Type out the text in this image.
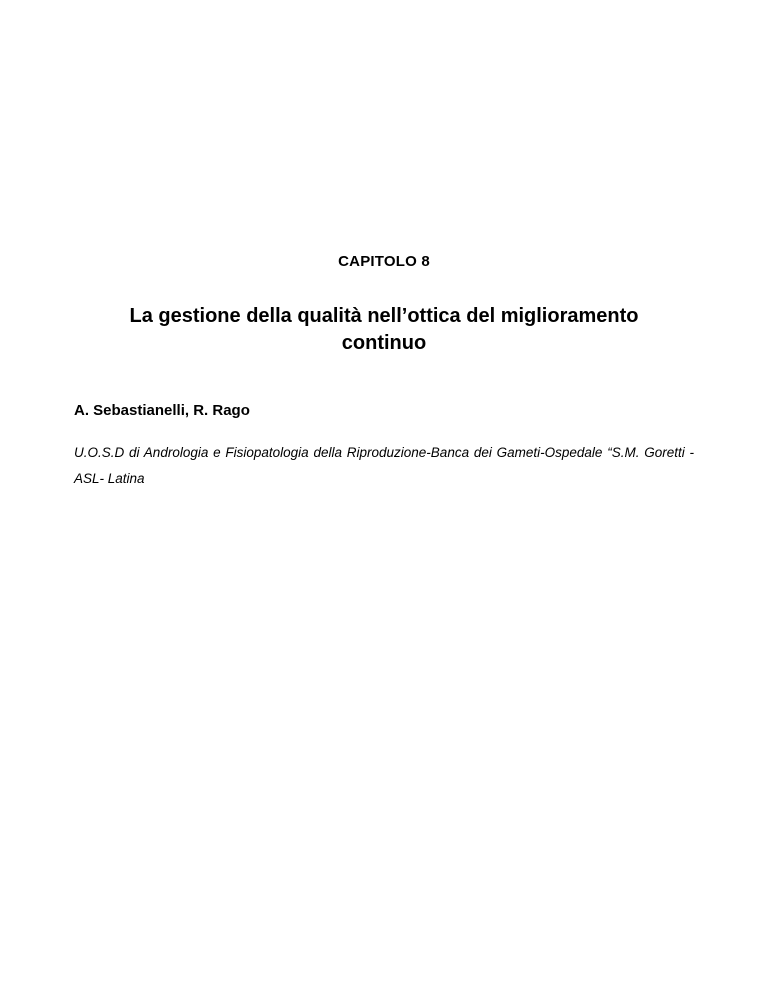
CAPITOLO 8
La gestione della qualità nell’ottica del miglioramento continuo
A. Sebastianelli, R. Rago
U.O.S.D di Andrologia e Fisiopatologia della Riproduzione-Banca dei Gameti-Ospedale “S.M. Goretti - ASL- Latina
